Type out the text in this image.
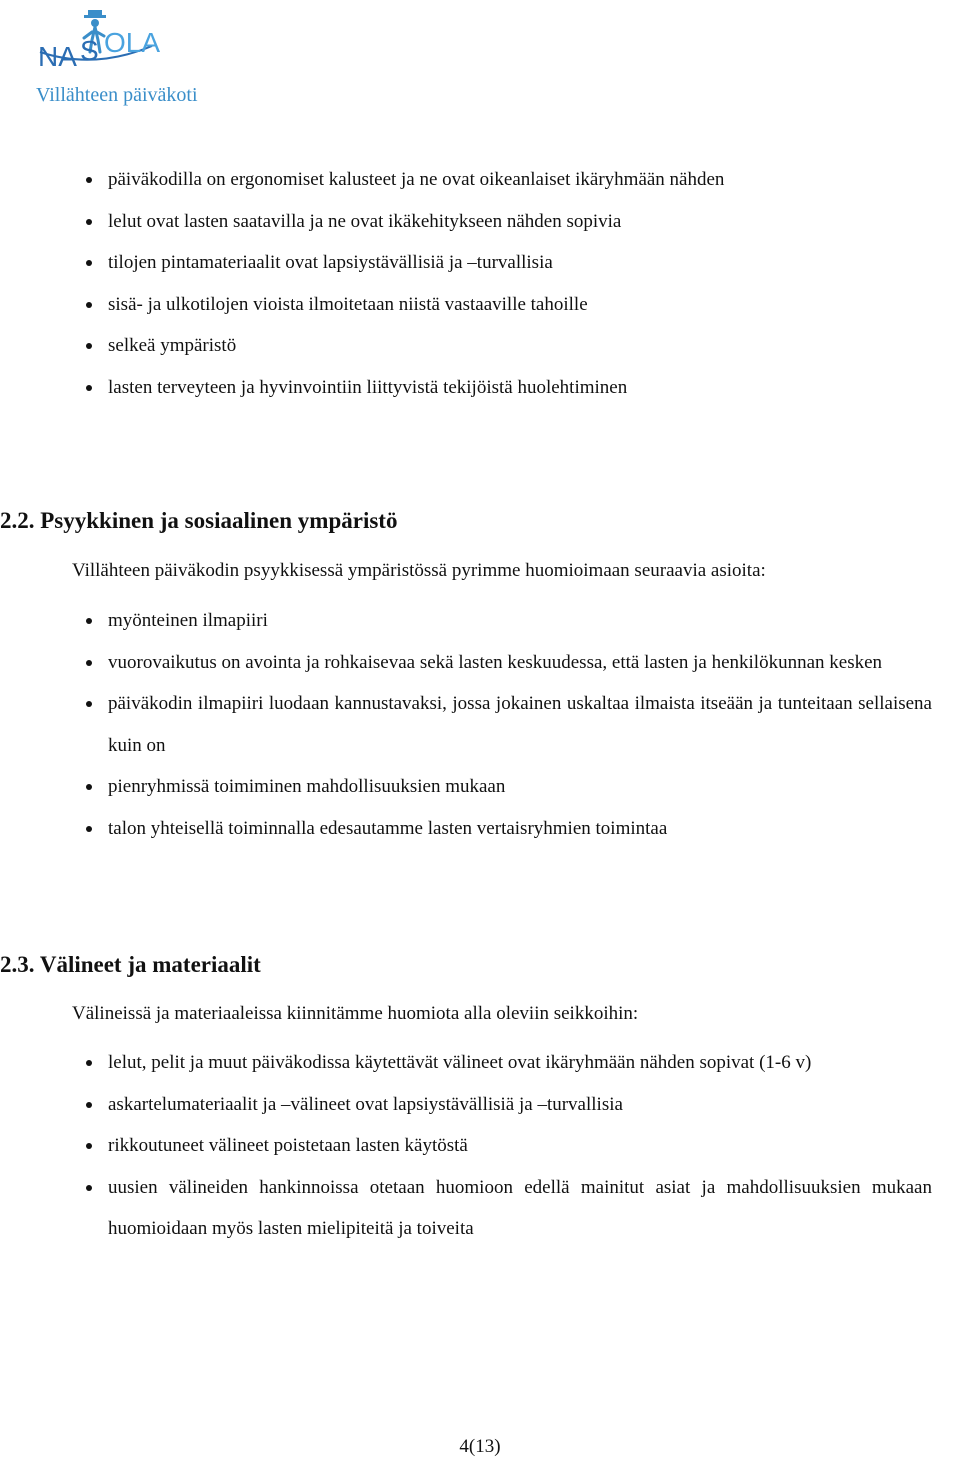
NA S OLA
Villähteen päiväkoti
päiväkodilla on ergonomiset kalusteet ja ne ovat oikeanlaiset ikäryhmään nähden
lelut ovat lasten saatavilla ja ne ovat ikäkehitykseen nähden sopivia
tilojen pintamateriaalit ovat lapsiystävällisiä ja –turvallisia
sisä- ja ulkotilojen vioista ilmoitetaan niistä vastaaville tahoille
selkeä ympäristö
lasten terveyteen ja hyvinvointiin liittyvistä tekijöistä huolehtiminen
2.2. Psyykkinen ja sosiaalinen ympäristö

Villähteen päiväkodin psyykkisessä ympäristössä pyrimme huomioimaan seuraavia asioita:

myönteinen ilmapiiri
vuorovaikutus on avointa ja rohkaisevaa sekä lasten keskuudessa, että lasten ja henkilökunnan kesken
päiväkodin ilmapiiri luodaan kannustavaksi, jossa jokainen uskaltaa ilmaista itseään ja tunteitaan sellaisena kuin on
pienryhmissä toimiminen mahdollisuuksien mukaan
talon yhteisellä toiminnalla edesautamme lasten vertaisryhmien toimintaa
2.3. Välineet ja materiaalit

Välineissä ja materiaaleissa kiinnitämme huomiota alla oleviin seikkoihin:

lelut, pelit ja muut päiväkodissa käytettävät välineet ovat ikäryhmään nähden sopivat (1-6 v)
askartelumateriaalit ja –välineet ovat lapsiystävällisiä ja –turvallisia
rikkoutuneet välineet poistetaan lasten käytöstä
uusien välineiden hankinnoissa otetaan huomioon edellä mainitut asiat ja mahdollisuuksien mukaan huomioidaan myös lasten mielipiteitä ja toiveita
4(13)
